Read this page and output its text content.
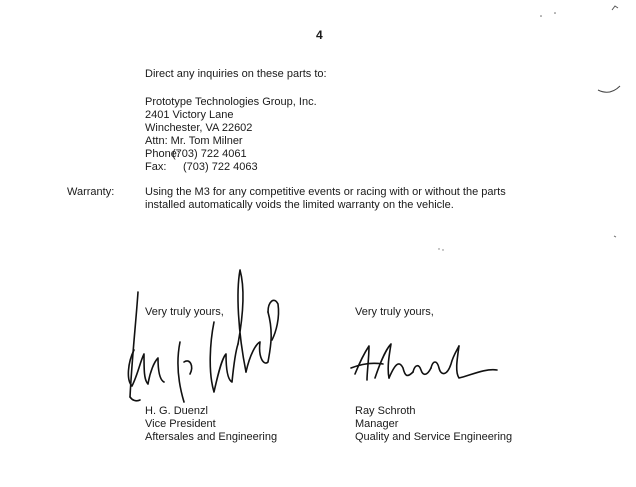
4
Direct any inquiries on these parts to:
Prototype Technologies Group, Inc.
2401 Victory Lane
Winchester, VA 22602
Attn: Mr. Tom Milner
Phone:(703) 722 4061
Fax: (703) 722 4063
Warranty:	Using the M3 for any competitive events or racing with or without the parts
installed automatically voids the limited warranty on the vehicle.
Very truly yours,	Very truly yours,
H. G. Duenzl
Vice President
Aftersales and Engineering
Ray Schroth
Manager
Quality and Service Engineering
